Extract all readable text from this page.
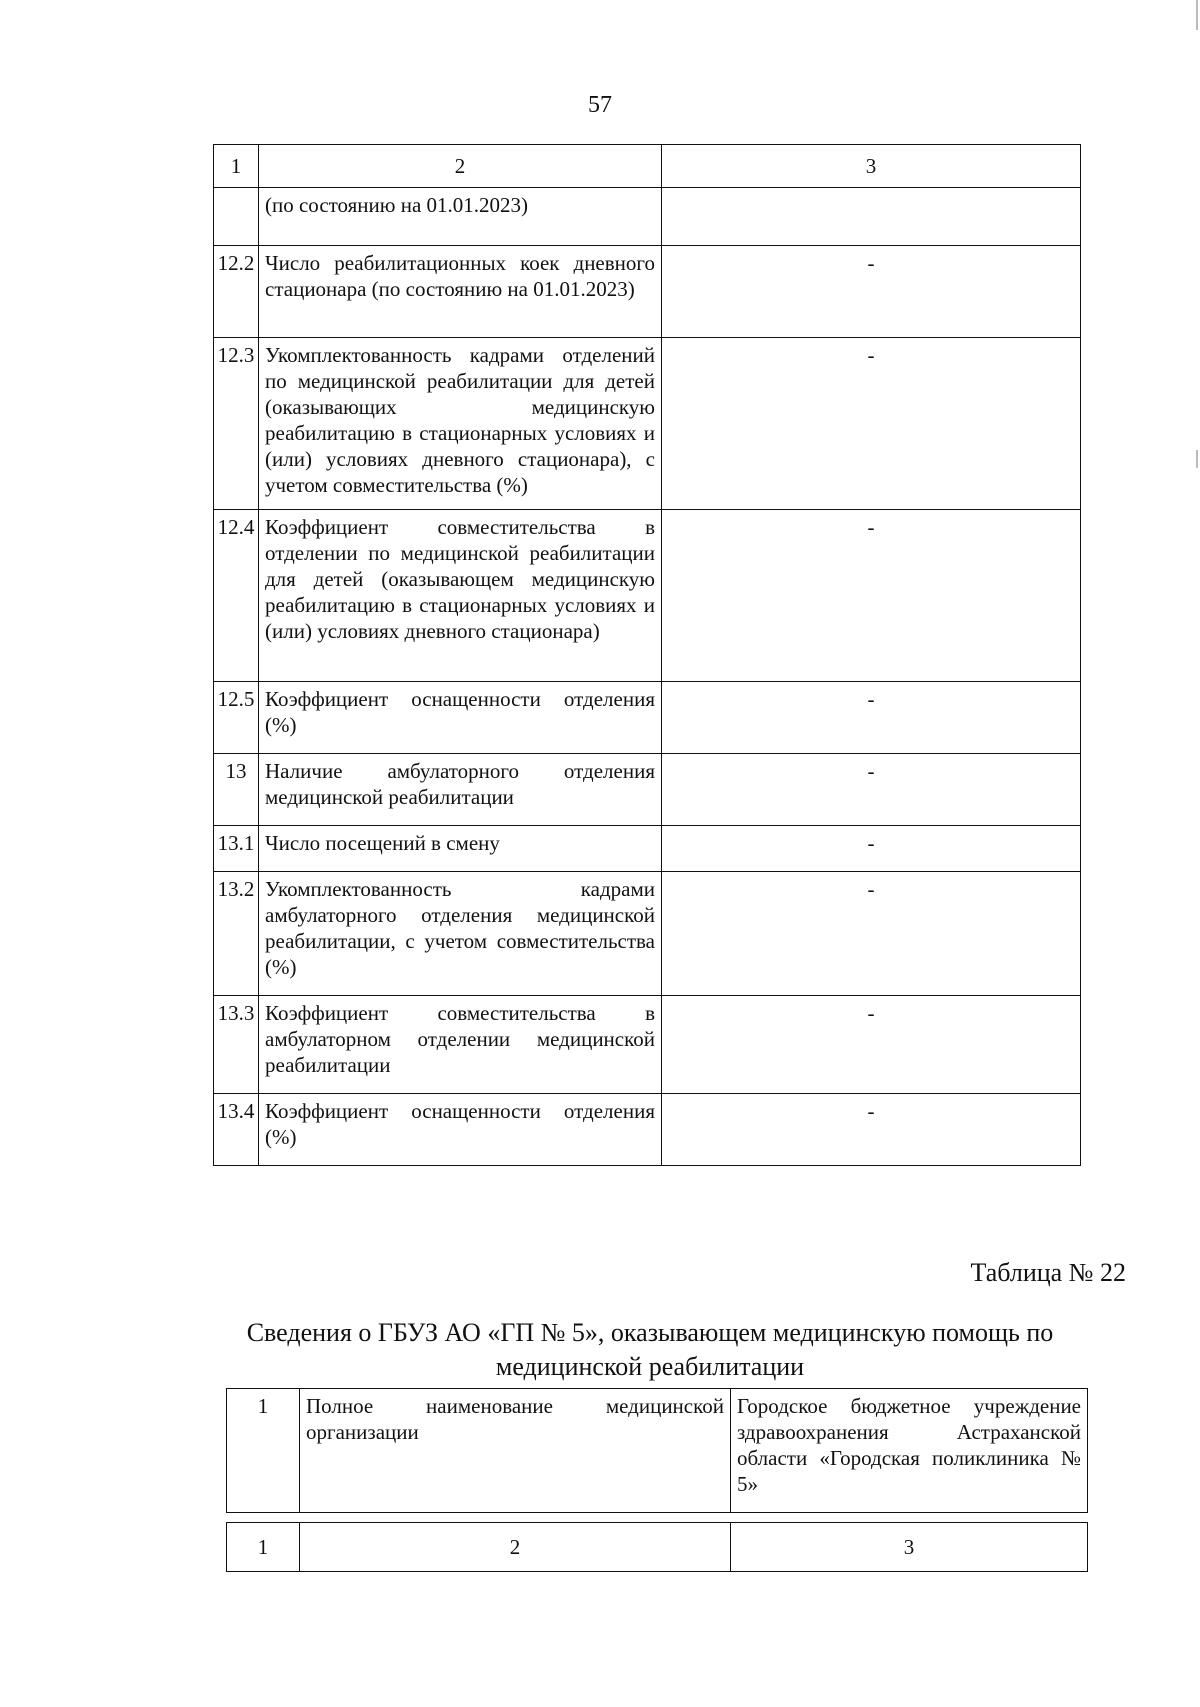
57
1	2	3
	(по состоянию на 01.01.2023)	
12.2	Число реабилитационных коек дневного стационара (по состоянию на 01.01.2023)	-
12.3	Укомплектованность кадрами отделений по медицинской реабилитации для детей (оказывающих медицинскую реабилитацию в стационарных условиях и (или) условиях дневного стационара), с учетом совместительства (%)	-
12.4	Коэффициент совместительства в отделении по медицинской реабилитации для детей (оказывающем медицинскую реабилитацию в стационарных условиях и (или) условиях дневного стационара)	-
12.5	Коэффициент оснащенности отделения (%)	-
13	Наличие амбулаторного отделения медицинской реабилитации	-
13.1	Число посещений в смену	-
13.2	Укомплектованность кадрами амбулаторного отделения медицинской реабилитации, с учетом совместительства (%)	-
13.3	Коэффициент совместительства в амбулаторном отделении медицинской реабилитации	-
13.4	Коэффициент оснащенности отделения (%)	-
Таблица № 22
Сведения о ГБУЗ АО «ГП № 5», оказывающем медицинскую помощь по медицинской реабилитации
1	Полное наименование медицинской организации	Городское бюджетное учреждение здравоохранения Астраханской области «Городская поликлиника № 5»
1	2	3
